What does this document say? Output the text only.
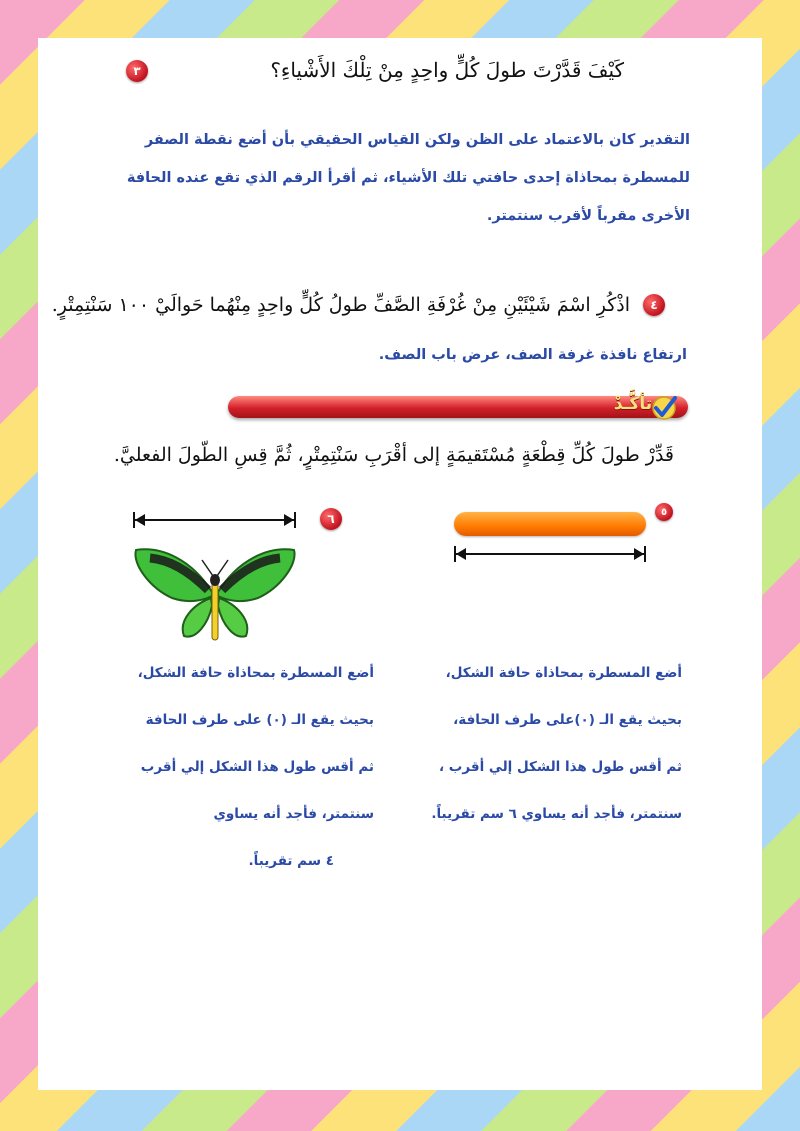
٣	كَيْفَ قَدَّرْتَ طولَ كُلٍّ واحِدٍ مِنْ تِلْكَ الأَشْياءِ؟
التقدير كان بالاعتماد على الظن ولكن القياس الحقيقي بأن أضع نقطة الصفر
للمسطرة بمحاذاة إحدى حافتي تلك الأشياء، ثم أقرأ الرقم الذي تقع عنده الحافة
الأخرى مقرباً لأقرب سنتمتر.
٤
اذْكُرِ اسْمَ شَيْئَيْنِ مِنْ غُرْفَةِ الصَّفِّ طولُ كُلٍّ واحِدٍ مِنْهُما حَوالَيْ ١٠٠ سَنْتِمِتْرٍ.
ارتفاع نافذة غرفة الصف، عرض باب الصف.
تأكَّـدْ
قَدِّرْ طولَ كُلِّ قِطْعَةٍ مُسْتَقيمَةٍ إلى أقْرَبِ سَنْتِمِتْرٍ، ثُمَّ قِسِ الطّولَ الفعليَّ.
٥
٦
أضع المسطرة بمحاذاة حافة الشكل،
بحيث يقع الـ (٠)على طرف الحافة،
ثم أقس طول هذا الشكل إلي أقرب ،
سنتمتر، فأجد أنه يساوي ٦ سم تقريباً.
أضع المسطرة بمحاذاة حافة الشكل،
بحيث يقع الـ (٠) على طرف الحافة
ثم أقس طول هذا الشكل إلي أقرب
سنتمتر، فأجد أنه يساوي
٤ سم تقريباً.
